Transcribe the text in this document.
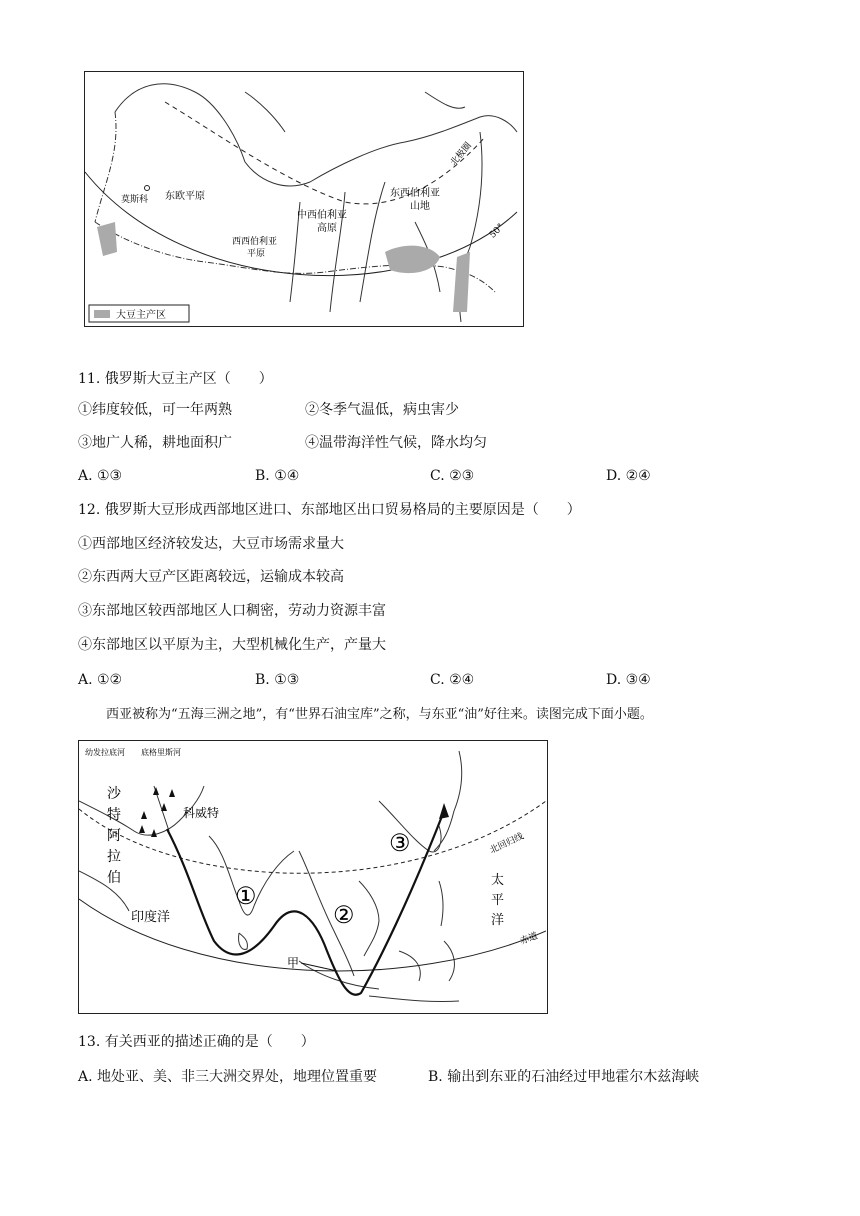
莫斯科 东欧平原
西西伯利亚
平原
中西伯利亚
高原
东西伯利亚
山地
北极圈
50°
大豆主产区
11. 俄罗斯大豆主产区（　　）
①纬度较低，可一年两熟	②冬季气温低，病虫害少
③地广人稀，耕地面积广	④温带海洋性气候，降水均匀
A. ①③	B. ①④	C. ②③	D. ②④
12. 俄罗斯大豆形成西部地区进口、东部地区出口贸易格局的主要原因是（　　）
①西部地区经济较发达，大豆市场需求量大
②东西两大豆产区距离较远，运输成本较高
③东部地区较西部地区人口稠密，劳动力资源丰富
④东部地区以平原为主，大型机械化生产，产量大
A. ①②	B. ①③	C. ②④	D. ③④
西亚被称为“五海三洲之地”，有“世界石油宝库”之称，与东亚“油”好往来。读图完成下面小题。
幼发拉底河 底格里斯河
沙
特
阿
拉
伯
科威特
印度洋
①
②
③
甲
北回归线
赤道
太
平
洋
13. 有关西亚的描述正确的是（　　）
A. 地处亚、美、非三大洲交界处，地理位置重要	B. 输出到东亚的石油经过甲地霍尔木兹海峡
